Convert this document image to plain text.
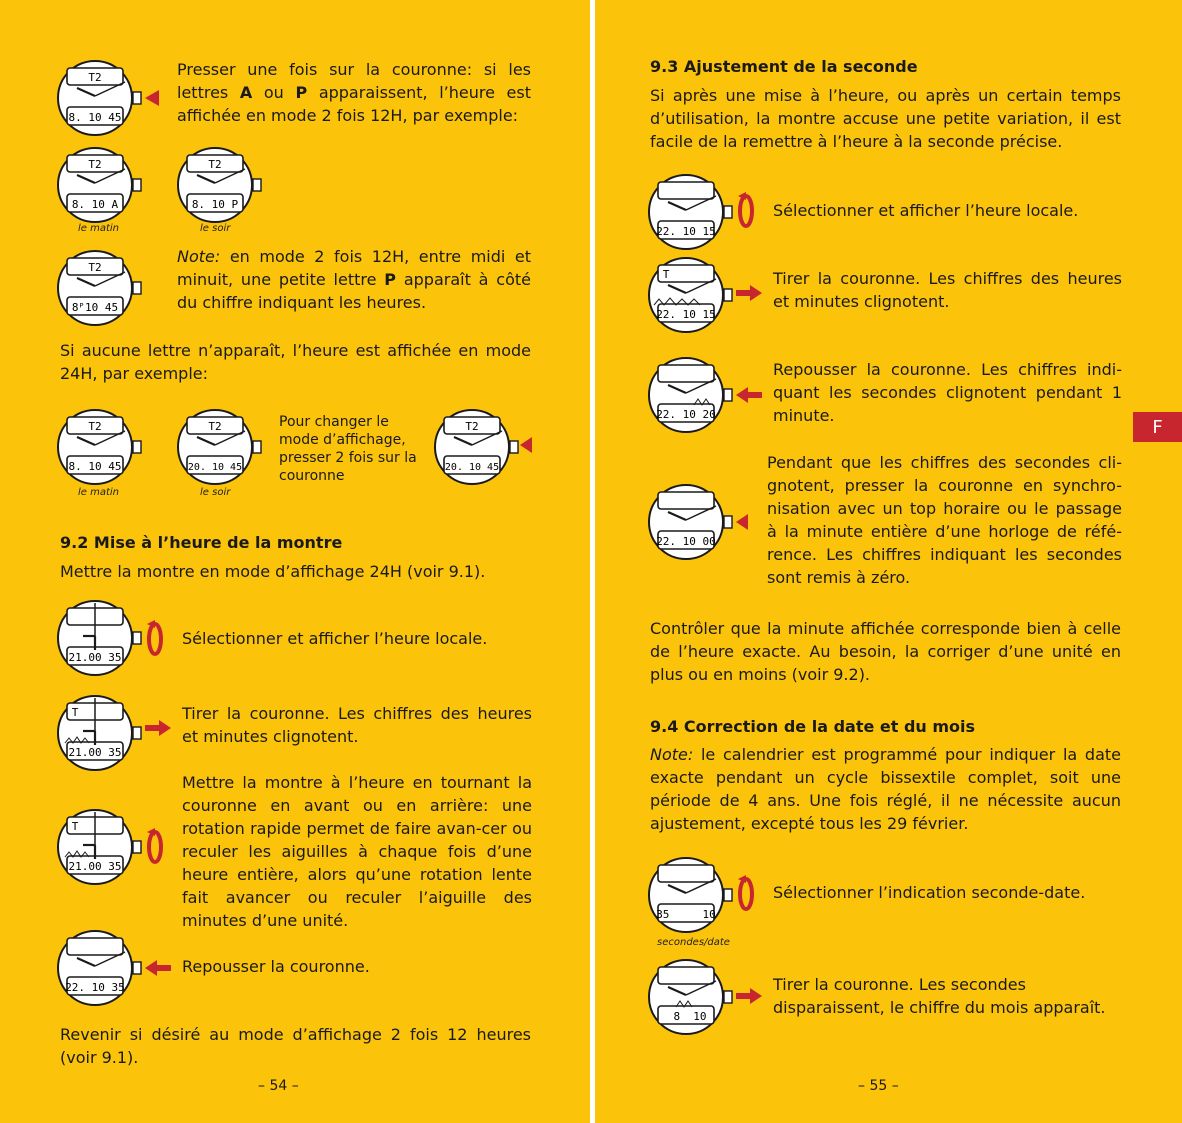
T2
8. 10 45

Presser une fois sur la couronne: si les lettres A ou P apparaissent, l’heure est affichée en mode 2 fois 12H, par exemple:

T2
8. 10 A
le matin
T2
8. 10 P
le soir
T2
8ᴾ10 45

Note: en mode 2 fois 12H, entre midi et minuit, une petite lettre P apparaît à côté du chiffre indiquant les heures.

Si aucune lettre n’apparaît, l’heure est affichée en mode 24H, par exemple:

T2
8. 10 45
le matin
T2
20. 10 45
le soir

Pour changer le mode d’affichage, presser 2 fois sur la couronne

T2
20. 10 45
9.2 Mise à l’heure de la montre

Mettre la montre en mode d’affichage 24H (voir 9.1).

21.00 35

Sélectionner et afficher l’heure locale.

T
21.00 35

Tirer la couronne. Les chiffres des heures et minutes clignotent.

T
21.00 35

Mettre la montre à l’heure en tournant la couronne en avant ou en arrière: une rotation rapide permet de faire avan-cer ou reculer les aiguilles à chaque fois d’une heure entière, alors qu’une rotation lente fait avancer ou reculer l’aiguille des minutes d’une unité.

22. 10 35

Repousser la couronne.

Revenir si désiré au mode d’affichage 2 fois 12 heures (voir 9.1).

– 54 –
9.3 Ajustement de la seconde

Si après une mise à l’heure, ou après un certain temps d’utilisation, la montre accuse une petite variation, il est facile de la remettre à l’heure à la seconde précise.

22. 10 15

Sélectionner et afficher l’heure locale.

T
22. 10 15

Tirer la couronne. Les chiffres des heures et minutes clignotent.

22. 10 20

Repousser la couronne. Les chiffres indi-quant les secondes clignotent pendant 1 minute.

22. 10 00

Pendant que les chiffres des secondes cli-gnotent, presser la couronne en synchro-nisation avec un top horaire ou le passage à la minute entière d’une horloge de réfé-rence. Les chiffres indiquant les secondes sont remis à zéro.

Contrôler que la minute affichée corresponde bien à celle de l’heure exacte. Au besoin, la corriger d’une unité en plus ou en moins (voir 9.2).

9.4 Correction de la date et du mois

Note: le calendrier est programmé pour indiquer la date exacte pendant un cycle bissextile complet, soit une période de 4 ans. Une fois réglé, il ne nécessite aucun ajustement, excepté tous les 29 février.

35     10
secondes/date

Sélectionner l’indication seconde-date.

8  10

Tirer la couronne. Les secondes disparaissent, le chiffre du mois apparaît.

– 55 –
F
